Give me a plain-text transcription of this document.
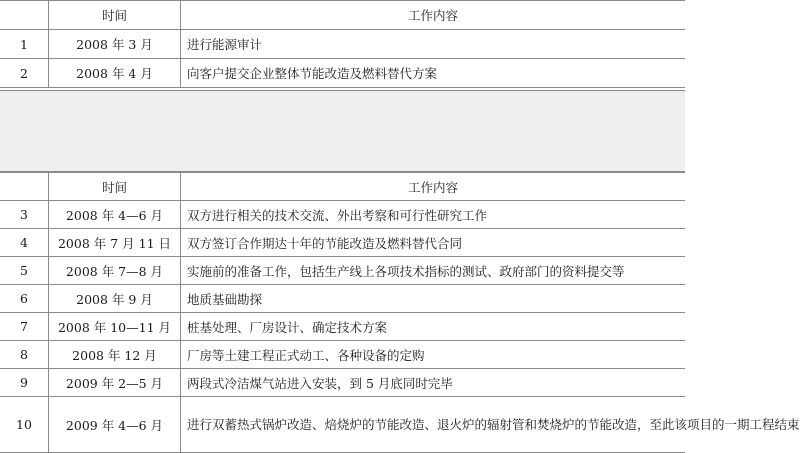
	时间	工作内容
1	2008 年 3 月	进行能源审计
2	2008 年 4 月	向客户提交企业整体节能改造及燃料替代方案
	时间	工作内容
3	2008 年 4—6 月	双方进行相关的技术交流、外出考察和可行性研究工作
4	2008 年 7 月 11 日	双方签订合作期达十年的节能改造及燃料替代合同
5	2008 年 7—8 月	实施前的准备工作，包括生产线上各项技术指标的测试、政府部门的资料提交等
6	2008 年 9 月	地质基础勘探
7	2008 年 10—11 月	桩基处理、厂房设计、确定技术方案
8	2008 年 12 月	厂房等土建工程正式动工、各种设备的定购
9	2009 年 2—5 月	两段式冷洁煤气站进入安装，到 5 月底同时完毕
10	2009 年 4—6 月	进行双蓄热式锅炉改造、焙烧炉的节能改造、退火炉的辐射管和焚烧炉的节能改造，至此该项目的一期工程结束
